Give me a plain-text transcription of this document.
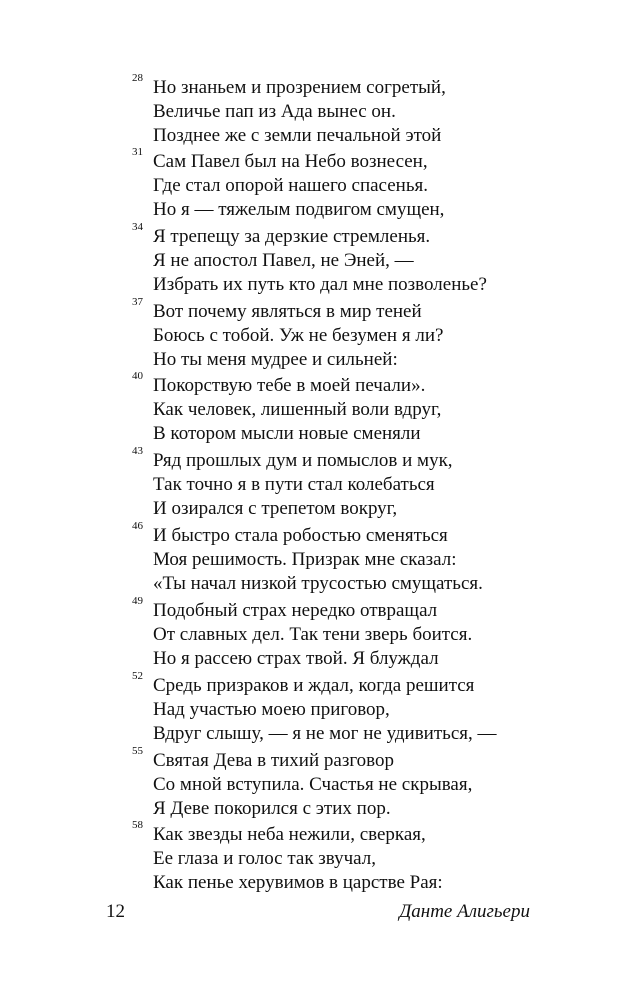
28 Но знаньем и прозрением согретый,
Величье пап из Ада вынес он.
Позднее же с земли печальной этой
31 Сам Павел был на Небо вознесен,
Где стал опорой нашего спасенья.
Но я — тяжелым подвигом смущен,
34 Я трепещу за дерзкие стремленья.
Я не апостол Павел, не Эней, —
Избрать их путь кто дал мне позволенье?
37 Вот почему являться в мир теней
Боюсь с тобой. Уж не безумен я ли?
Но ты меня мудрее и сильней:
40 Покорствую тебе в моей печали».
Как человек, лишенный воли вдруг,
В котором мысли новые сменяли
43 Ряд прошлых дум и помыслов и мук,
Так точно я в пути стал колебаться
И озирался с трепетом вокруг,
46 И быстро стала робостью сменяться
Моя решимость. Призрак мне сказал:
«Ты начал низкой трусостью смущаться.
49 Подобный страх нередко отвращал
От славных дел. Так тени зверь боится.
Но я рассею страх твой. Я блуждал
52 Средь призраков и ждал, когда решится
Над участью моею приговор,
Вдруг слышу, — я не мог не удивиться, —
55 Святая Дева в тихий разговор
Со мной вступила. Счастья не скрывая,
Я Деве покорился с этих пор.
58 Как звезды неба нежили, сверкая,
Ее глаза и голос так звучал,
Как пенье херувимов в царстве Рая:
12	Данте Алигьери
